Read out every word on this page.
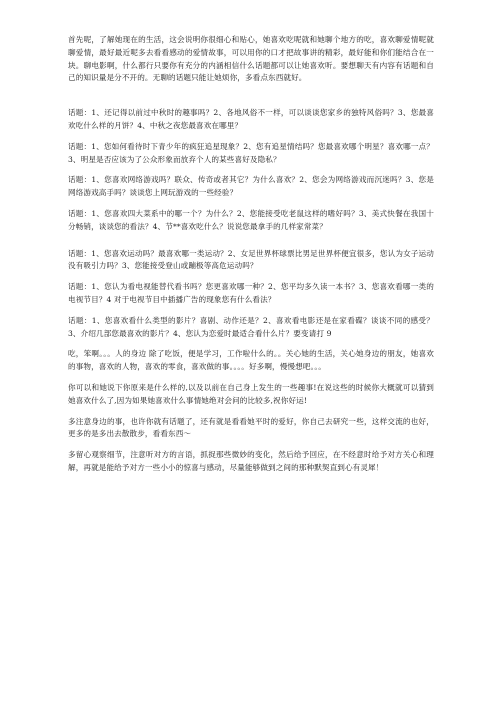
首先呢，了解她现在的生活，这会说明你很细心和贴心，她喜欢吃呢就和她聊个地方的吃，喜欢聊爱情呢就聊爱情，最好最近呢多去看看感动的爱情故事，可以用你的口才把故事讲的精彩，最好能和你们能结合在一块。聊电影啊，什么都行只要你有充分的内涵相信什么话题都可以让她喜欢听。要想聊天有内容有话题和自己的知识量是分不开的。无聊的话题只能让她烦你，多看点东西就好。

话题：1、还记得以前过中秋时的趣事吗？2、各地风俗不一样，可以谈谈您家乡的独特风俗吗？3、您最喜欢吃什么样的月饼？4、中秋之夜您最喜欢在哪里？

话题：1、您如何看待时下青少年的疯狂追星现象？2、您有追星情结吗？您最喜欢哪个明星？喜欢哪一点？ 3、明星是否应该为了公众形象而放弃个人的某些喜好及隐私？

话题：1、您喜欢网络游戏吗？联众、传奇或者其它？为什么喜欢？2、您会为网络游戏而沉迷吗？3、您是网络游戏高手吗？谈谈您上网玩游戏的一些经验？

话题：1、您喜欢四大菜系中的哪一个？为什么？2、您能接受吃老鼠这样的嗜好吗？3、美式快餐在我国十分畅销，谈谈您的看法？4、节**喜欢吃什么？说说您最拿手的几样家常菜？

话题：1、您喜欢运动吗？最喜欢哪一类运动？2、女足世界杯球票比男足世界杯便宜很多，您认为女子运动没有吸引力吗？3、您能接受登山或蹦极等高危运动吗？

话题：1、您认为看电视能替代看书吗？您更喜欢哪一种？2、您平均多久读一本书？3、您喜欢看哪一类的电视节目？4 对于电视节目中插播广告的现象您有什么看法？

话题：1、您喜欢看什么类型的影片？喜剧、动作还是？2、喜欢看电影还是在家看碟？谈谈不同的感受？3、介绍几部您最喜欢的影片？4、您认为恋爱时最适合看什么片？要变请打 9

吃，笨啊。。。人的身边 除了吃饭，便是学习，工作啦什么的。。关心她的生活，关心她身边的朋友，她喜欢的事物，喜欢的人物，喜欢的零食，喜欢做的事。。。。好多啊，慢慢想吧。。。

你可以和她说下你原来是什么样的,以及以前在自己身上发生的一些趣事!在说这些的时候你大概就可以猜到她喜欢什么了,因为如果她喜欢什么事情她绝对会问的比较多,祝你好运!

多注意身边的事，也许你就有话题了，还有就是看看她平时的爱好，你自己去研究一些，这样交流的也好，更多的是多出去散散步，看看东西～

多留心观察细节，注意听对方的言语，抓捉那些微妙的变化，然后给予回应，在不经意时给予对方关心和理解，再就是能给予对方一些小小的惊喜与感动，尽量能够做到之间的那种默契直到心有灵犀！
